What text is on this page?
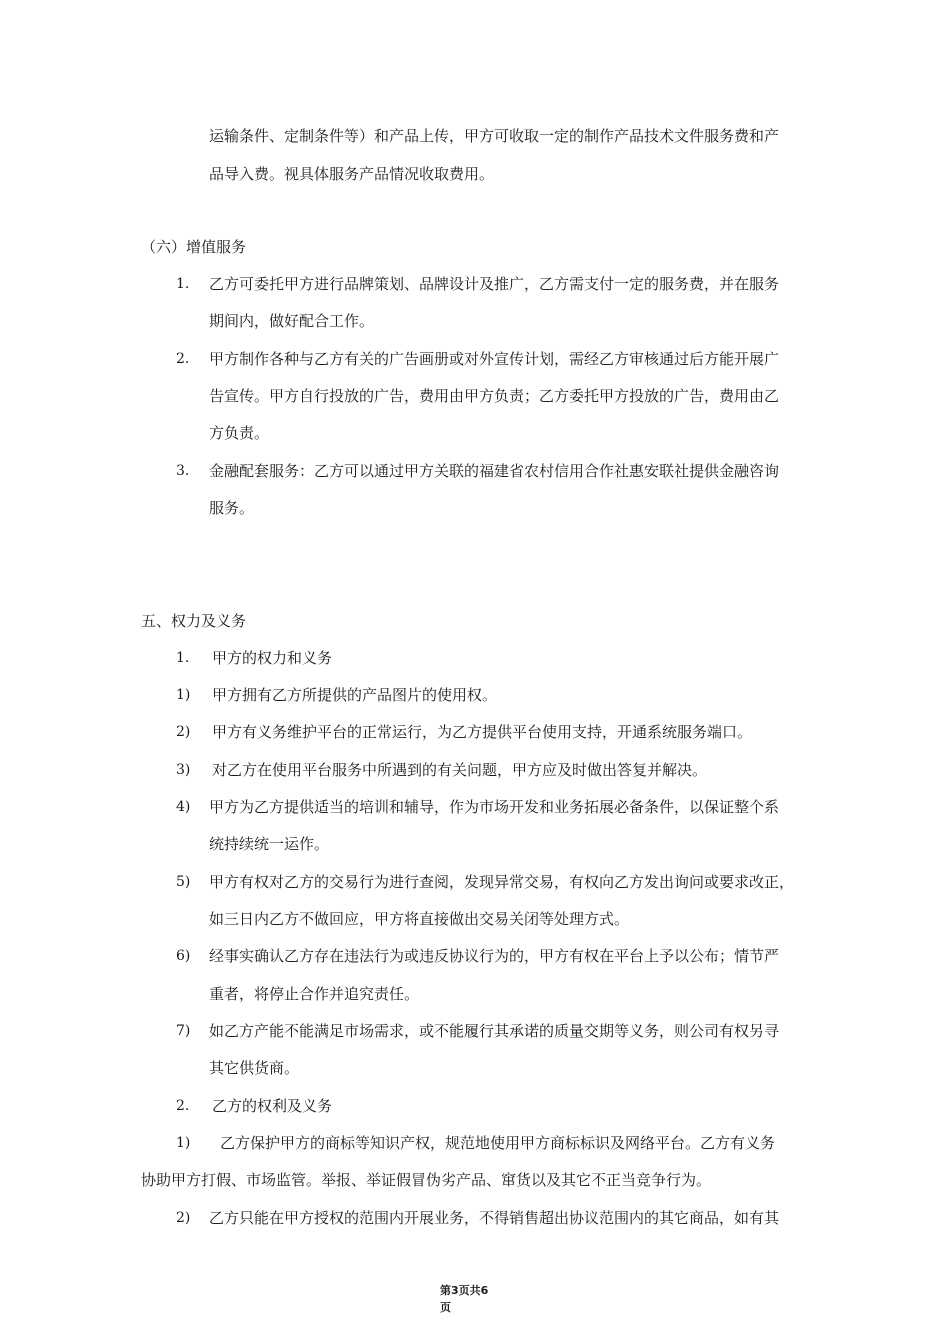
运输条件、定制条件等）和产品上传，甲方可收取一定的制作产品技术文件服务费和产
品导入费。视具体服务产品情况收取费用。
（六）增值服务
1. 乙方可委托甲方进行品牌策划、品牌设计及推广，乙方需支付一定的服务费，并在服务
期间内，做好配合工作。
2. 甲方制作各种与乙方有关的广告画册或对外宣传计划，需经乙方审核通过后方能开展广
告宣传。甲方自行投放的广告，费用由甲方负责；乙方委托甲方投放的广告，费用由乙
方负责。
3. 金融配套服务：乙方可以通过甲方关联的福建省农村信用合作社惠安联社提供金融咨询
服务。
五、权力及义务
1. 甲方的权力和义务
1) 甲方拥有乙方所提供的产品图片的使用权。
2) 甲方有义务维护平台的正常运行，为乙方提供平台使用支持，开通系统服务端口。
3) 对乙方在使用平台服务中所遇到的有关问题，甲方应及时做出答复并解决。
4) 甲方为乙方提供适当的培训和辅导，作为市场开发和业务拓展必备条件，以保证整个系
统持续统一运作。
5) 甲方有权对乙方的交易行为进行查阅，发现异常交易，有权向乙方发出询问或要求改正，
如三日内乙方不做回应，甲方将直接做出交易关闭等处理方式。
6) 经事实确认乙方存在违法行为或违反协议行为的，甲方有权在平台上予以公布；情节严
重者，将停止合作并追究责任。
7) 如乙方产能不能满足市场需求，或不能履行其承诺的质量交期等义务，则公司有权另寻
其它供货商。
2. 乙方的权利及义务
1) 乙方保护甲方的商标等知识产权，规范地使用甲方商标标识及网络平台。乙方有义务
协助甲方打假、市场监管。举报、举证假冒伪劣产品、窜货以及其它不正当竞争行为。
2) 乙方只能在甲方授权的范围内开展业务，不得销售超出协议范围内的其它商品，如有其
第3页共6
页
